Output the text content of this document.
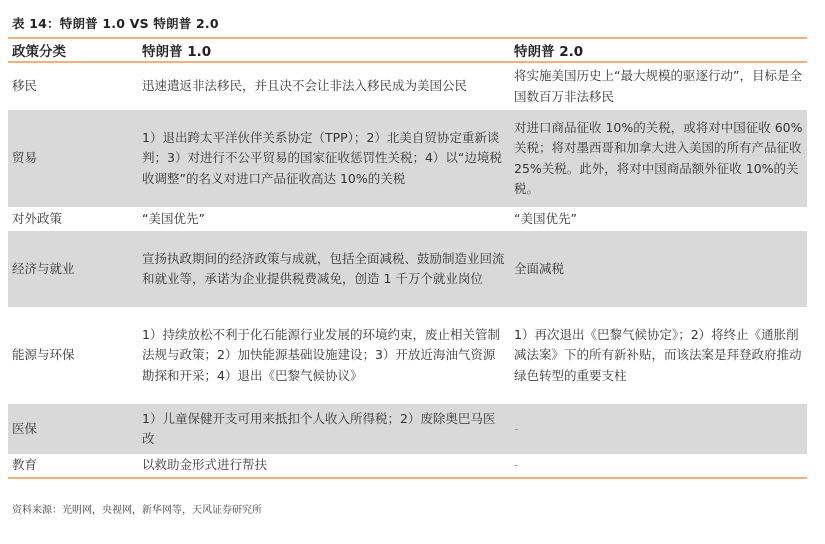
表 14：特朗普 1.0 VS 特朗普 2.0
政策分类	特朗普 1.0	特朗普 2.0
移民	迅速遣返非法移民，并且决不会让非法入移民成为美国公民	将实施美国历史上“最大规模的驱逐行动”，目标是全国数百万非法移民
贸易	1）退出跨太平洋伙伴关系协定（TPP）；2）北美自贸协定重新谈判；3）对进行不公平贸易的国家征收惩罚性关税；4）以“边境税收调整”的名义对进口产品征收高达 10%的关税	对进口商品征收 10%的关税，或将对中国征收 60%关税；将对墨西哥和加拿大进入美国的所有产品征收 25%关税。此外，将对中国商品额外征收 10%的关税。
对外政策	“美国优先”	“美国优先”
经济与就业	宣扬执政期间的经济政策与成就，包括全面减税、鼓励制造业回流和就业等，承诺为企业提供税费减免，创造 1 千万个就业岗位	全面减税
能源与环保	1）持续放松不利于化石能源行业发展的环境约束，废止相关管制法规与政策；2）加快能源基础设施建设；3）开放近海油气资源勘探和开采；4）退出《巴黎气候协议》	1）再次退出《巴黎气候协定》；2）将终止《通胀削减法案》下的所有新补贴，而该法案是拜登政府推动绿色转型的重要支柱
医保	1）儿童保健开支可用来抵扣个人收入所得税；2）废除奥巴马医改	-
教育	以救助金形式进行帮扶	-
资料来源：光明网，央视网，新华网等，天风证券研究所
